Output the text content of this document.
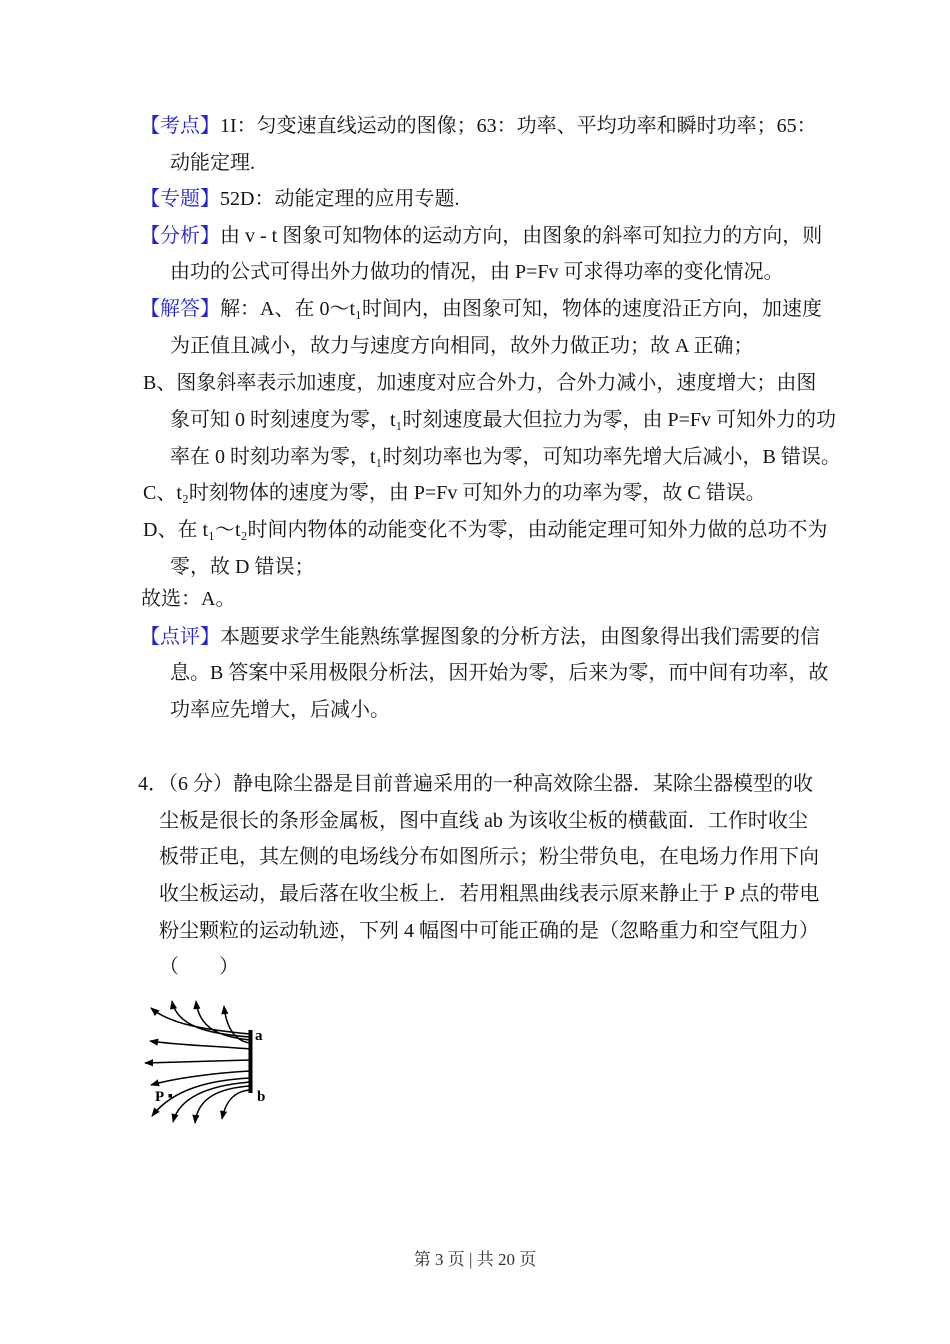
【考点】1I：匀变速直线运动的图像；63：功率、平均功率和瞬时功率；65：
动能定理.
【专题】52D：动能定理的应用专题.
【分析】由 v - t 图象可知物体的运动方向，由图象的斜率可知拉力的方向，则
由功的公式可得出外力做功的情况，由 P=Fv 可求得功率的变化情况。
【解答】解：A、在 0～t₁时间内，由图象可知，物体的速度沿正方向，加速度
为正值且减小，故力与速度方向相同，故外力做正功；故 A 正确；
B、图象斜率表示加速度，加速度对应合外力，合外力减小，速度增大；由图
象可知 0 时刻速度为零，t₁时刻速度最大但拉力为零，由 P=Fv 可知外力的功
率在 0 时刻功率为零，t₁时刻功率也为零，可知功率先增大后减小，B 错误。
C、t₂时刻物体的速度为零，由 P=Fv 可知外力的功率为零，故 C 错误。
D、在 t₁～t₂时间内物体的动能变化不为零，由动能定理可知外力做的总功不为
零，故 D 错误；
故选：A。
【点评】本题要求学生能熟练掌握图象的分析方法，由图象得出我们需要的信
息。B 答案中采用极限分析法，因开始为零，后来为零，而中间有功率，故
功率应先增大，后减小。
4．（6 分）静电除尘器是目前普遍采用的一种高效除尘器．某除尘器模型的收
尘板是很长的条形金属板，图中直线 ab 为该收尘板的横截面．工作时收尘
板带正电，其左侧的电场线分布如图所示；粉尘带负电，在电场力作用下向
收尘板运动，最后落在收尘板上．若用粗黑曲线表示原来静止于 P 点的带电
粉尘颗粒的运动轨迹，下列 4 幅图中可能正确的是（忽略重力和空气阻力）
（　　）
a
b
P
第 3 页 | 共 20 页
